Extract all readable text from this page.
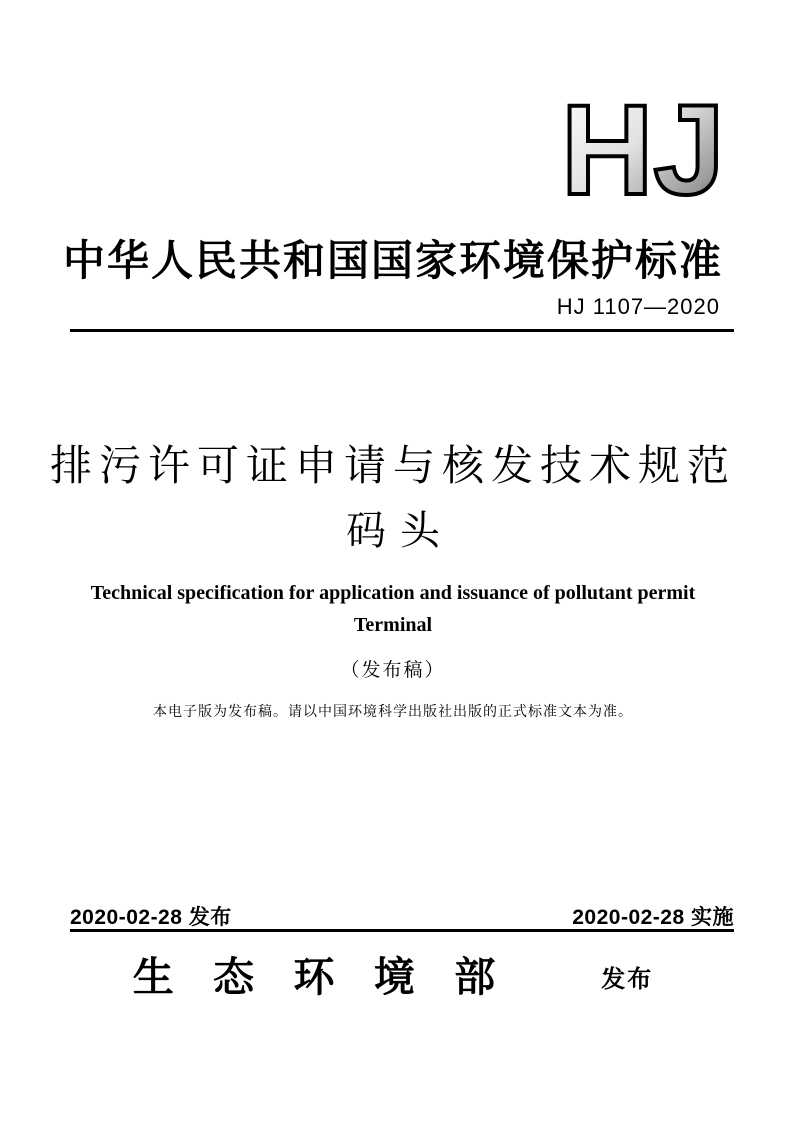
HJ
中华人民共和国国家环境保护标准
HJ 1107—2020
排污许可证申请与核发技术规范
码头
Technical specification for application and issuance of pollutant permit
Terminal
（发布稿）
本电子版为发布稿。请以中国环境科学出版社出版的正式标准文本为准。
2020-02-28 发布	2020-02-28 实施
生 态 环 境 部	发布
